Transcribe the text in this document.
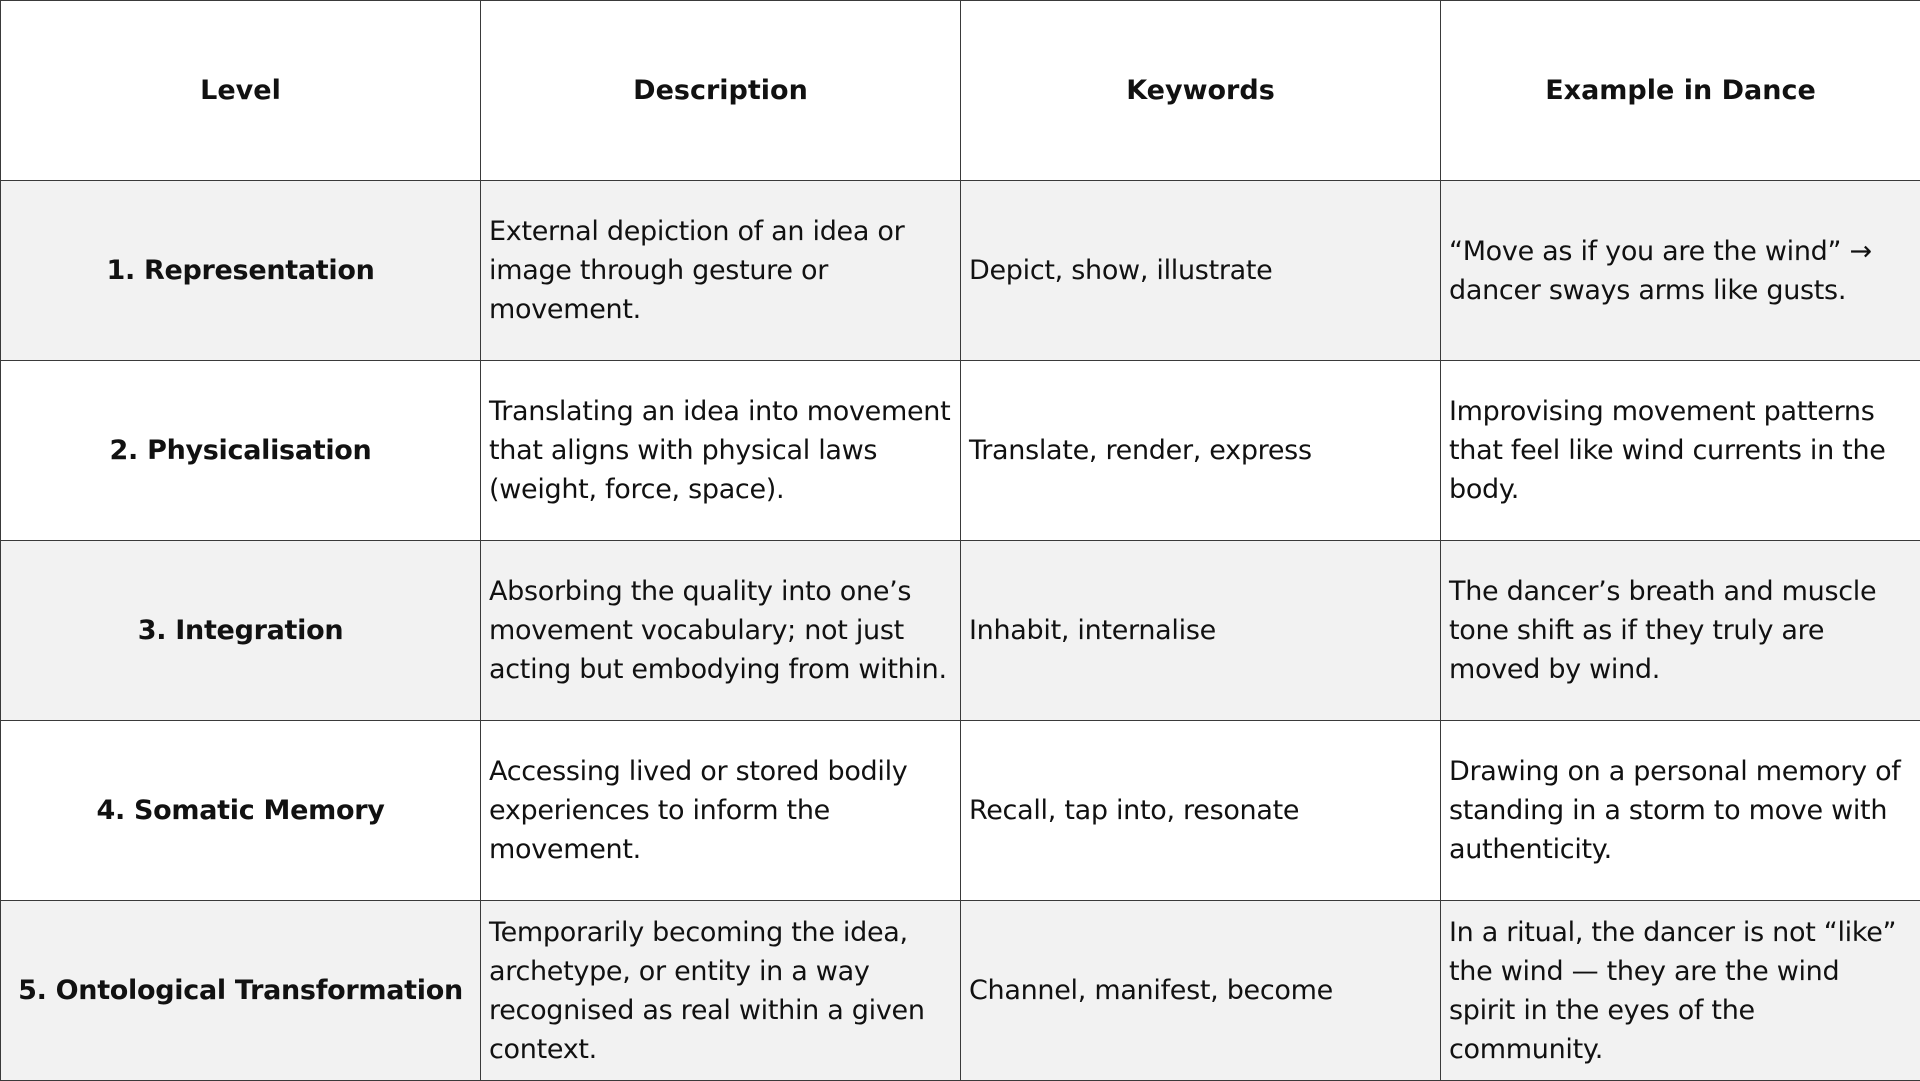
Level	Description	Keywords	Example in Dance
1. Representation	External depiction of an idea or image through gesture or movement.	Depict, show, illustrate	“Move as if you are the wind” → dancer sways arms like gusts.
2. Physicalisation	Translating an idea into movement that aligns with physical laws (weight, force, space).	Translate, render, express	Improvising movement patterns that feel like wind currents in the body.
3. Integration	Absorbing the quality into one’s movement vocabulary; not just acting but embodying from within.	Inhabit, internalise	The dancer’s breath and muscle tone shift as if they truly are moved by wind.
4. Somatic Memory	Accessing lived or stored bodily experiences to inform the movement.	Recall, tap into, resonate	Drawing on a personal memory of standing in a storm to move with authenticity.
5. Ontological Transformation	Temporarily becoming the idea, archetype, or entity in a way recognised as real within a given context.	Channel, manifest, become	In a ritual, the dancer is not “like” the wind — they are the wind spirit in the eyes of the community.
